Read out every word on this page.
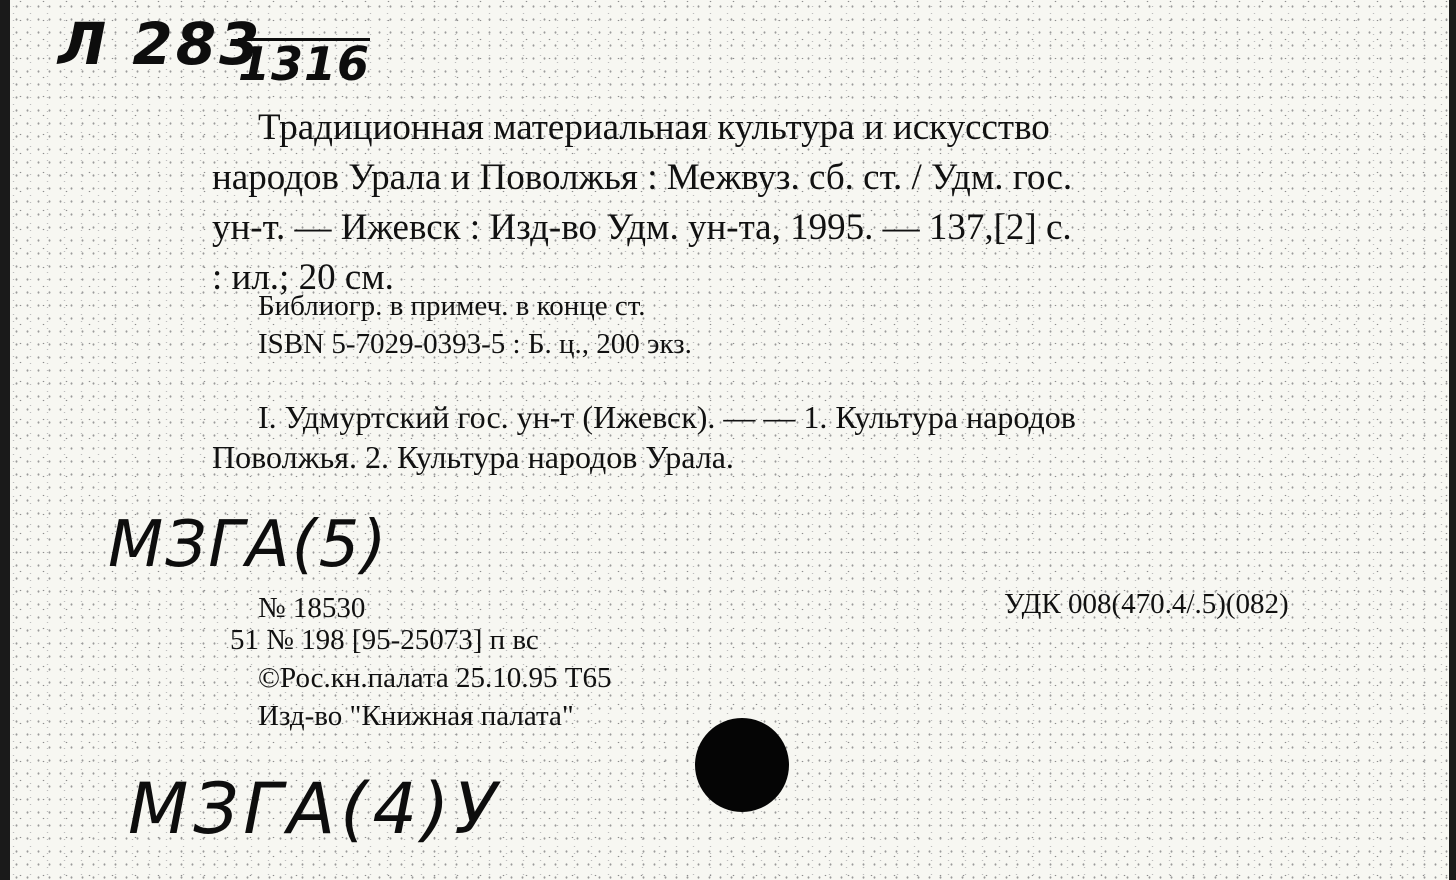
Л 283
1316
Традиционная материальная культура и искусство
народов Урала и Поволжья : Межвуз. сб. ст. / Удм. гос.
ун-т. — Ижевск : Изд-во Удм. ун-та, 1995. — 137,[2] с.
: ил.; 20 см.
Библиогр. в примеч. в конце ст.
ISBN 5-7029-0393-5 : Б. ц., 200 экз.
I. Удмуртский гос. ун-т (Ижевск). — — 1. Культура народов
Поволжья. 2. Культура народов Урала.
МЗГА(5)
№ 18530	УДК 008(470.4/.5)(082)
51 № 198 [95-25073] п вс
©Рос.кн.палата 25.10.95 Т65
Изд-во "Книжная палата"
МЗГА(4)У
